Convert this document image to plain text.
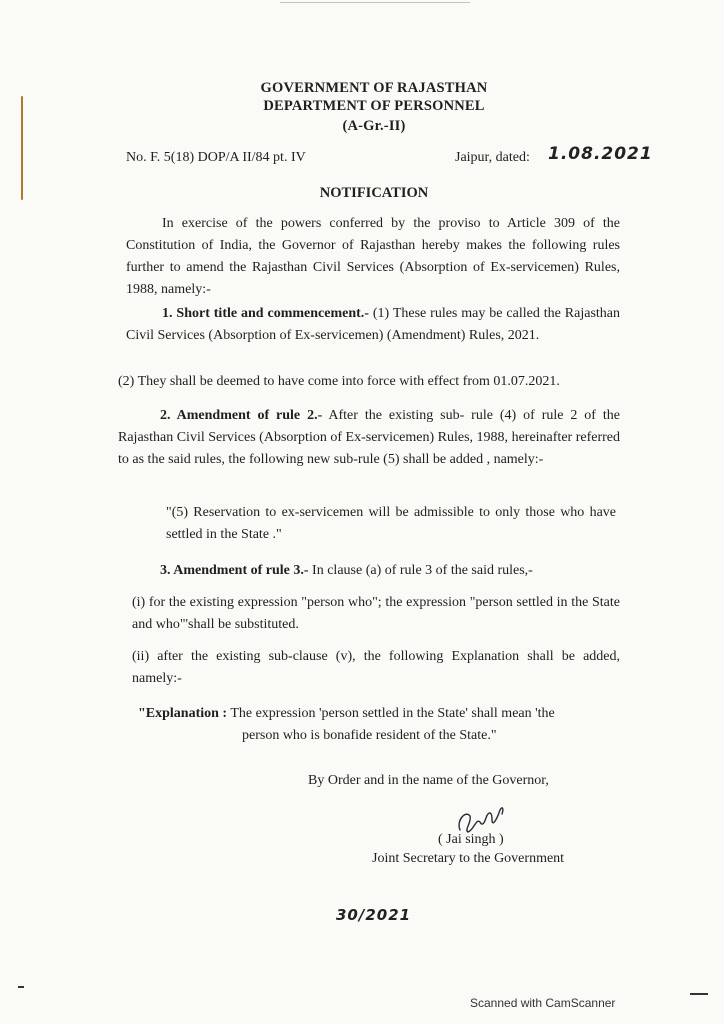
GOVERNMENT OF RAJASTHAN
DEPARTMENT OF PERSONNEL
(A-Gr.-II)
No. F. 5(18) DOP/A II/84 pt. IV	Jaipur, dated: 1.08.2021
NOTIFICATION

In exercise of the powers conferred by the proviso to Article 309 of the Constitution of India, the Governor of Rajasthan hereby makes the following rules further to amend the Rajasthan Civil Services (Absorption of Ex-servicemen) Rules, 1988, namely:-

1. Short title and commencement.- (1) These rules may be called the Rajasthan Civil Services (Absorption of Ex-servicemen) (Amendment) Rules, 2021.

(2) They shall be deemed to have come into force with effect from 01.07.2021.

2. Amendment of rule 2.- After the existing sub- rule (4) of rule 2 of the Rajasthan Civil Services (Absorption of Ex-servicemen) Rules, 1988, hereinafter referred to as the said rules, the following new sub-rule (5) shall be added , namely:-

"(5) Reservation to ex-servicemen will be admissible to only those who have settled in the State ."

3. Amendment of rule 3.- In clause (a) of rule 3 of the said rules,-

(i) for the existing expression "person who"; the expression "person settled in the State and who"'shall be substituted.

(ii) after the existing sub-clause (v), the following Explanation shall be added, namely:-

"Explanation : The expression 'person settled in the State' shall mean 'the
person who is bonafide resident of the State."

By Order and in the name of the Governor,
( Jai singh )
Joint Secretary to the Government
30/2021
Scanned with CamScanner
